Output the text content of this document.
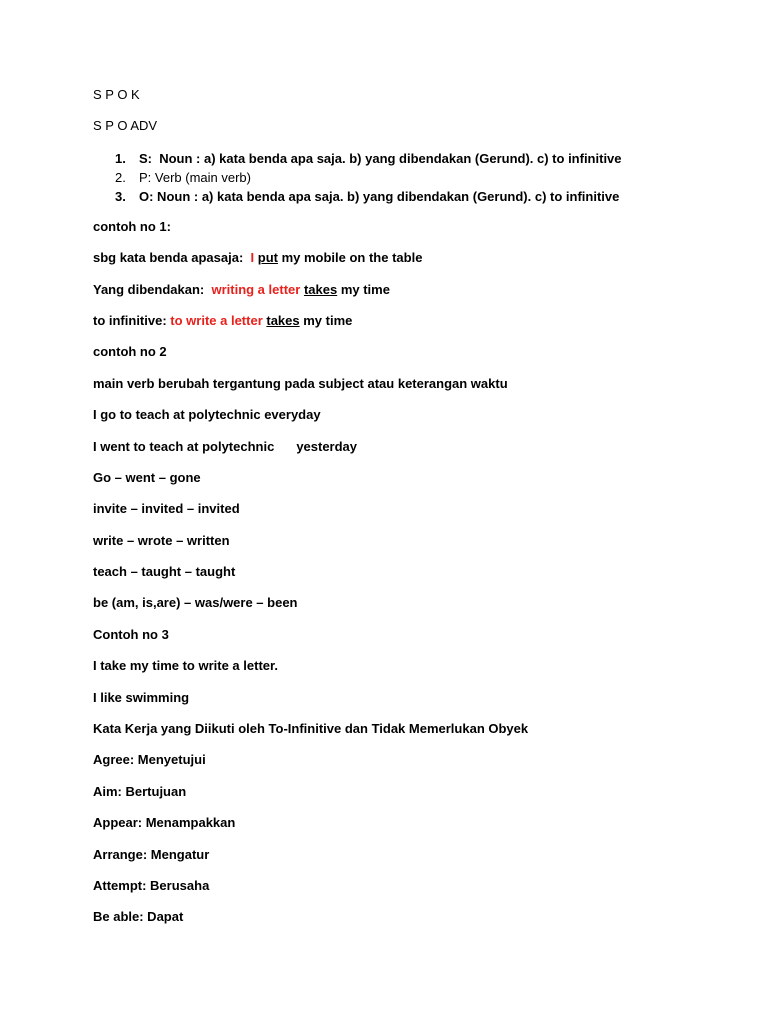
S P O K

S P O ADV

1. S:  Noun : a) kata benda apa saja. b) yang dibendakan (Gerund). c) to infinitive
2. P: Verb (main verb)
3. O: Noun : a) kata benda apa saja. b) yang dibendakan (Gerund). c) to infinitive

contoh no 1:

sbg kata benda apasaja:  I put my mobile on the table

Yang dibendakan:  writing a letter takes my time

to infinitive: to write a letter takes my time

contoh no 2

main verb berubah tergantung pada subject atau keterangan waktu

I go to teach at polytechnic everyday

I went to teach at polytechnic yesterday

Go – went – gone

invite – invited – invited

write – wrote – written

teach – taught – taught

be (am, is,are) – was/were – been

Contoh no 3

I take my time to write a letter.

I like swimming

Kata Kerja yang Diikuti oleh To-Infinitive dan Tidak Memerlukan Obyek

Agree: Menyetujui

Aim: Bertujuan

Appear: Menampakkan

Arrange: Mengatur

Attempt: Berusaha

Be able: Dapat
